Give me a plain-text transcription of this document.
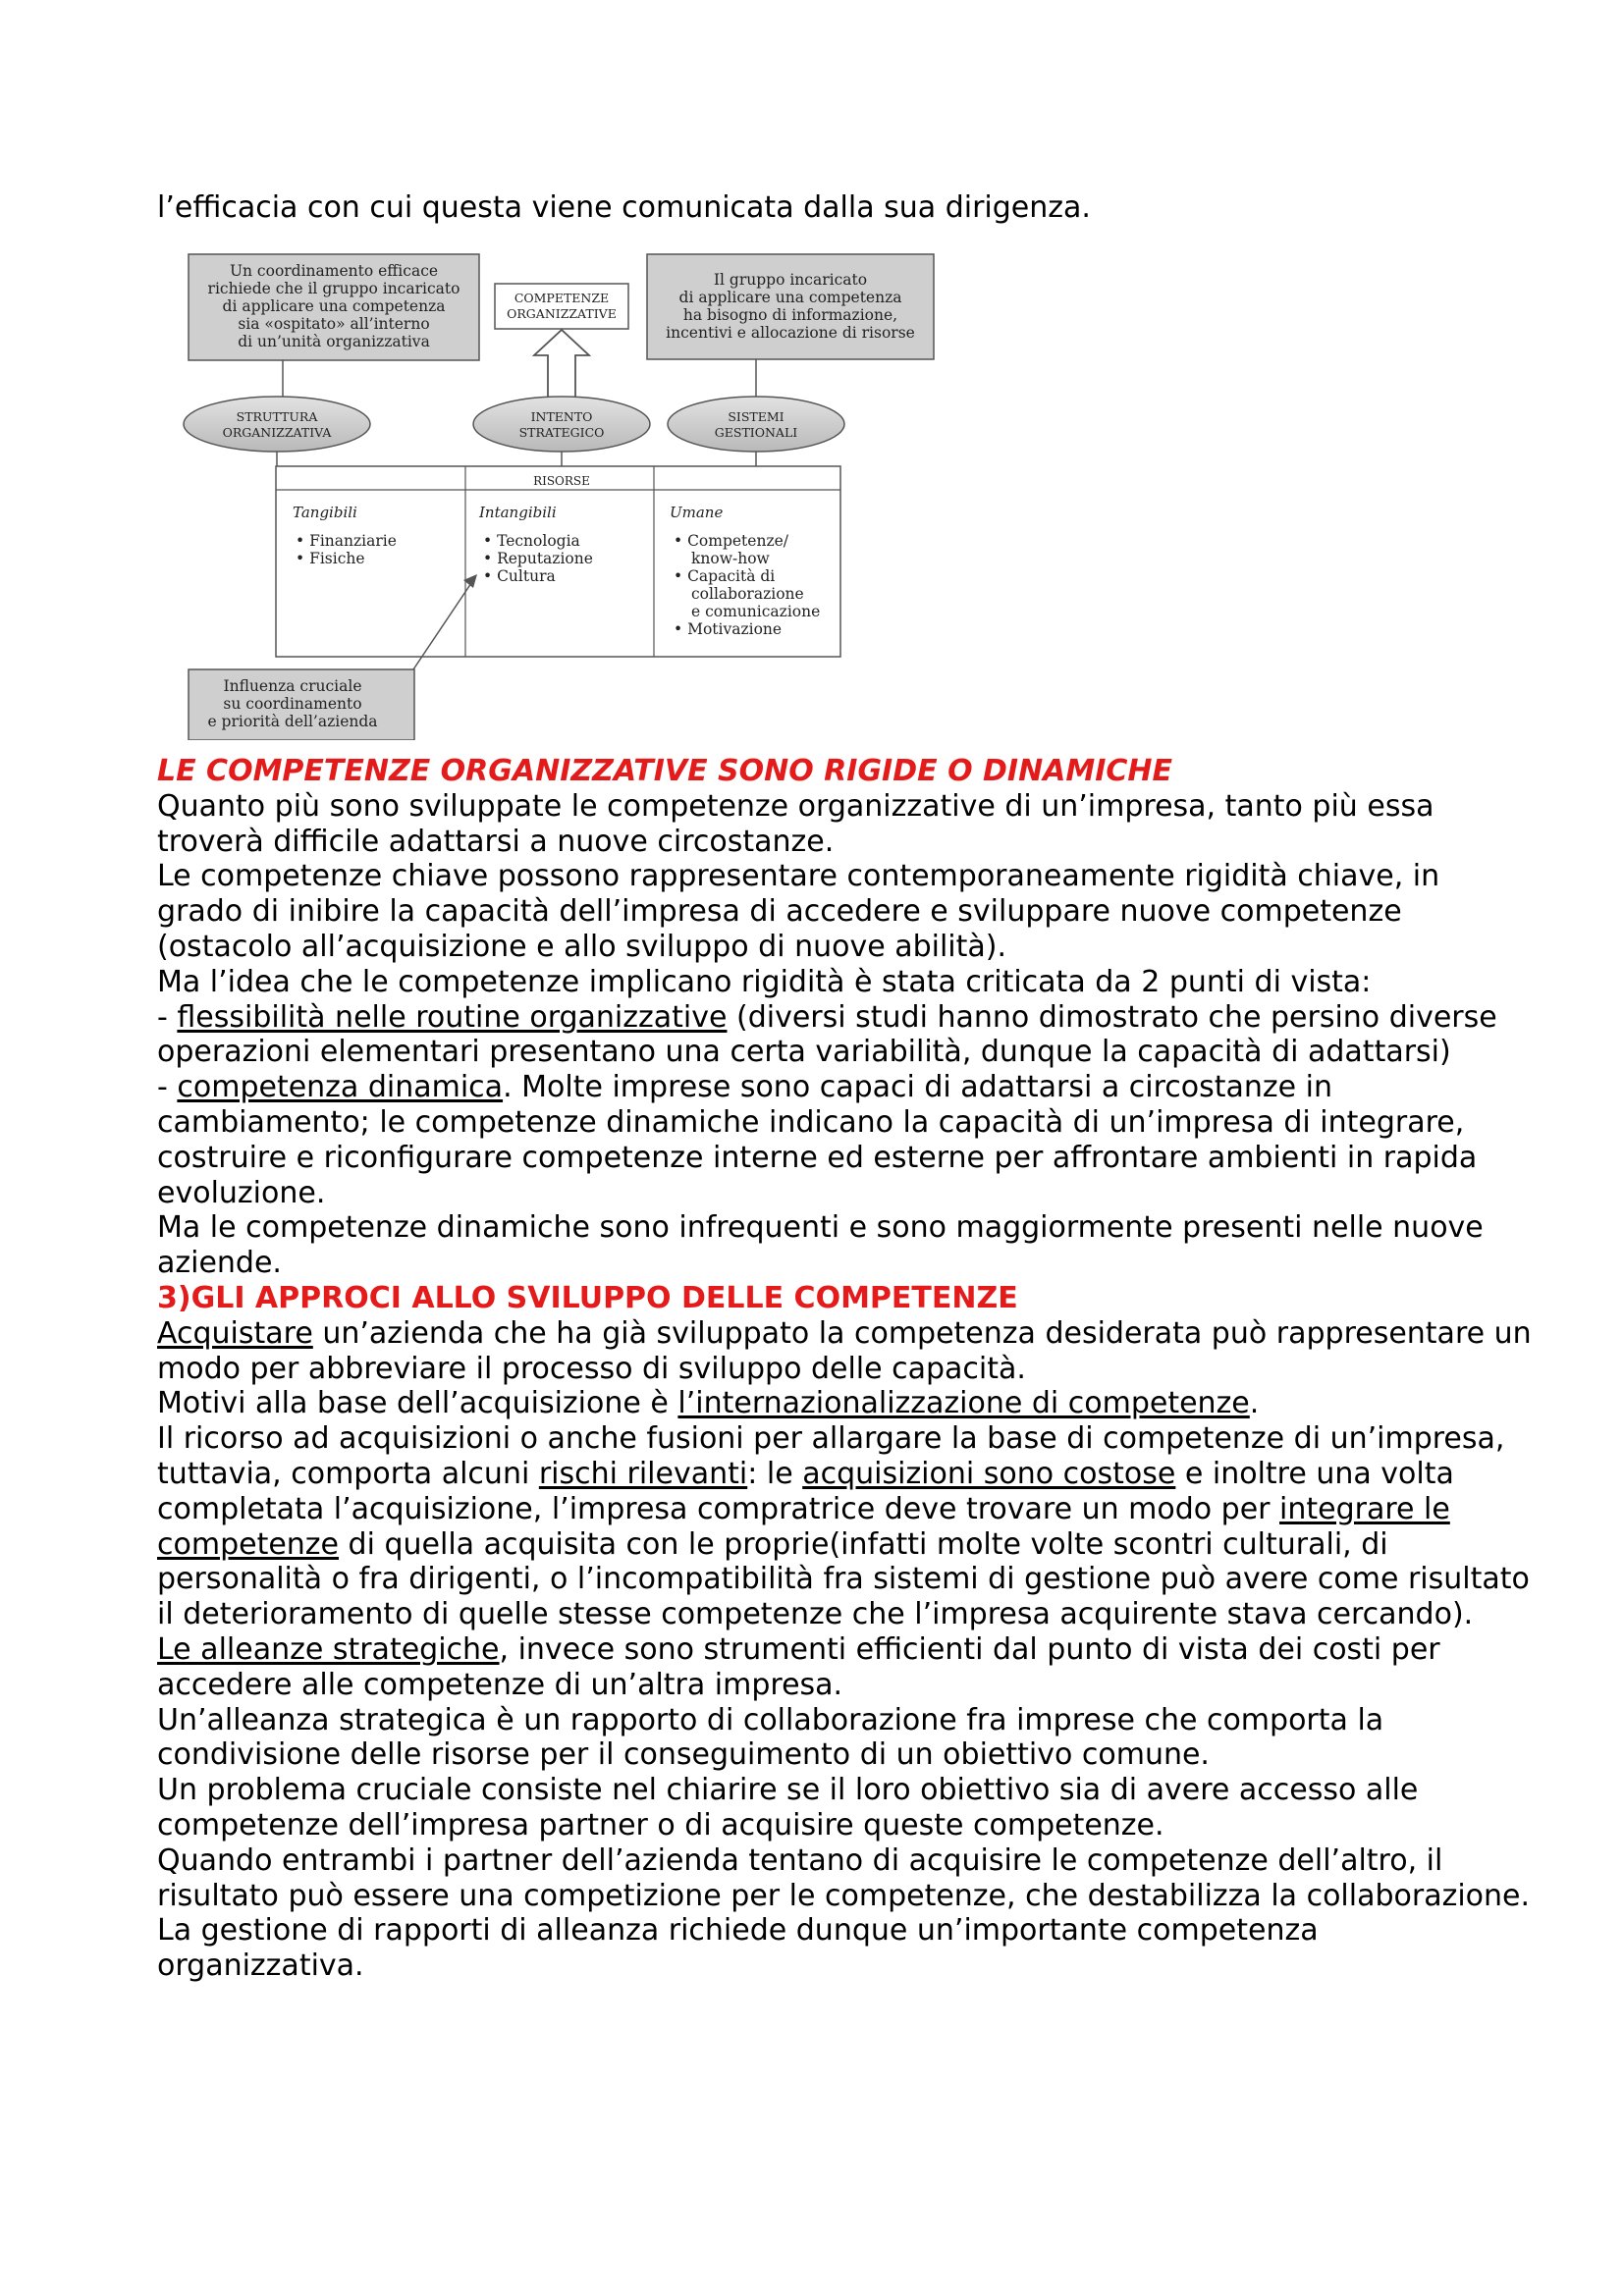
l’efficacia con cui questa viene comunicata dalla sua dirigenza.

Un coordinamento efficace
richiede che il gruppo incaricato
di applicare una competenza
sia «ospitato» all’interno
di un’unità organizzativa
COMPETENZE
ORGANIZZATIVE
Il gruppo incaricato
di applicare una competenza
ha bisogno di informazione,
incentivi e allocazione di risorse
STRUTTURA
ORGANIZZATIVA
INTENTO
STRATEGICO
SISTEMI
GESTIONALI
RISORSE
Tangibili
• Finanziarie
• Fisiche
Intangibili
• Tecnologia
• Reputazione
• Cultura
Umane
• Competenze/
know-how
• Capacità di
collaborazione
e comunicazione
• Motivazione
Influenza cruciale
su coordinamento
e priorità dell’azienda

LE COMPETENZE ORGANIZZATIVE SONO RIGIDE O DINAMICHE

Quanto più sono sviluppate le competenze organizzative di un’impresa, tanto più essa troverà difficile adattarsi a nuove circostanze.

Le competenze chiave possono rappresentare contemporaneamente rigidità chiave, in grado di inibire la capacità dell’impresa di accedere e sviluppare nuove competenze (ostacolo all’acquisizione e allo sviluppo di nuove abilità).

Ma l’idea che le competenze implicano rigidità è stata criticata da 2 punti di vista:

- flessibilità nelle routine organizzative (diversi studi hanno dimostrato che persino diverse operazioni elementari presentano una certa variabilità, dunque la capacità di adattarsi)

- competenza dinamica. Molte imprese sono capaci di adattarsi a circostanze in cambiamento; le competenze dinamiche indicano la capacità di un’impresa di integrare, costruire e riconfigurare competenze interne ed esterne per affrontare ambienti in rapida evoluzione.

Ma le competenze dinamiche sono infrequenti e sono maggiormente presenti nelle nuove aziende.

3)GLI APPROCI ALLO SVILUPPO DELLE COMPETENZE

Acquistare un’azienda che ha già sviluppato la competenza desiderata può rappresentare un modo per abbreviare il processo di sviluppo delle capacità.

Motivi alla base dell’acquisizione è l’internazionalizzazione di competenze.

Il ricorso ad acquisizioni o anche fusioni per allargare la base di competenze di un’impresa, tuttavia, comporta alcuni rischi rilevanti: le acquisizioni sono costose e inoltre una volta completata l’acquisizione, l’impresa compratrice deve trovare un modo per integrare le competenze di quella acquisita con le proprie(infatti molte volte scontri culturali, di personalità o fra dirigenti, o l’incompatibilità fra sistemi di gestione può avere come risultato il deterioramento di quelle stesse competenze che l’impresa acquirente stava cercando).

Le alleanze strategiche, invece sono strumenti efficienti dal punto di vista dei costi per accedere alle competenze di un’altra impresa.

Un’alleanza strategica è un rapporto di collaborazione fra imprese che comporta la condivisione delle risorse per il conseguimento di un obiettivo comune.

Un problema cruciale consiste nel chiarire se il loro obiettivo sia di avere accesso alle competenze dell’impresa partner o di acquisire queste competenze.

Quando entrambi i partner dell’azienda tentano di acquisire le competenze dell’altro, il risultato può essere una competizione per le competenze, che destabilizza la collaborazione.

La gestione di rapporti di alleanza richiede dunque un’importante competenza organizzativa.
